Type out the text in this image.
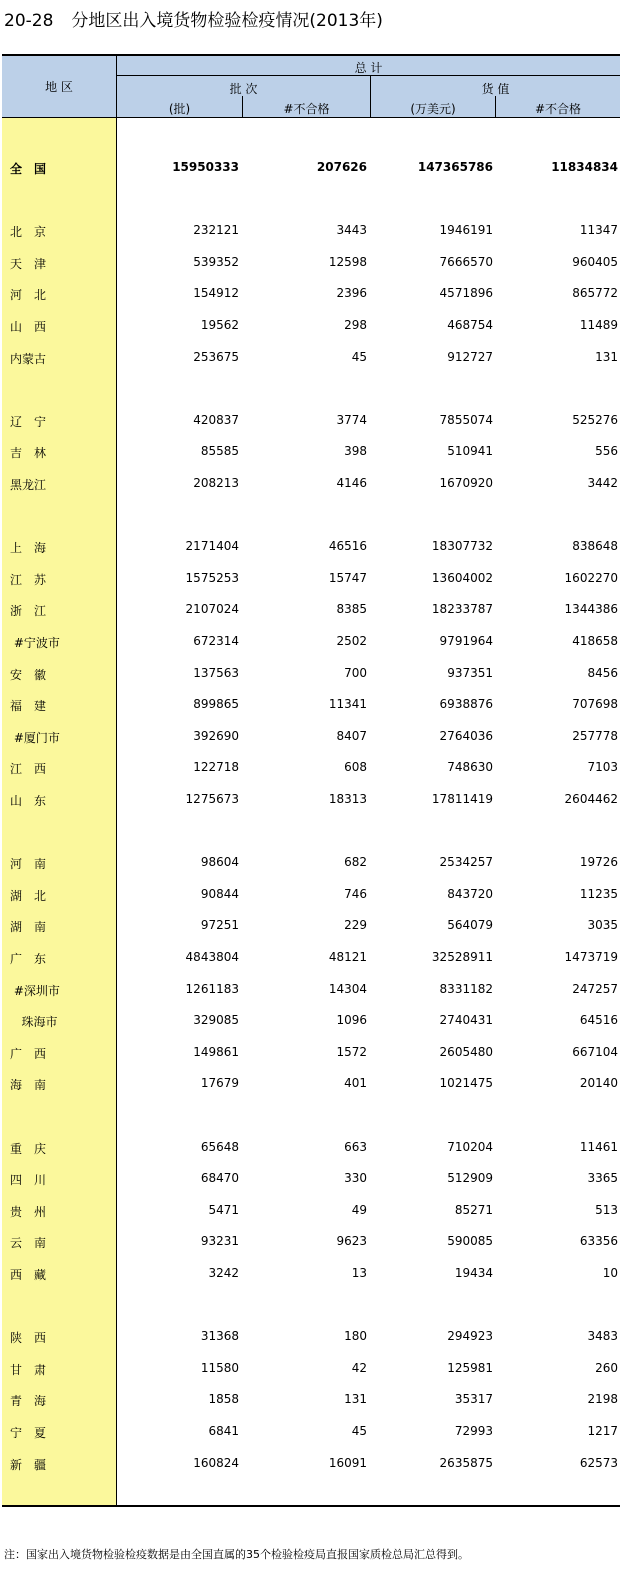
20-28 分地区出入境货物检验检疫情况(2013年)
地 区
总 计
批 次
(批)	#不合格
货 值
(万美元)	#不合格
全　国	15950333	207626	147365786	11834834
北　京	232121	3443	1946191	11347
天　津	539352	12598	7666570	960405
河　北	154912	2396	4571896	865772
山　西	19562	298	468754	11489
内蒙古	253675	45	912727	131
辽　宁	420837	3774	7855074	525276
吉　林	85585	398	510941	556
黑龙江	208213	4146	1670920	3442
上　海	2171404	46516	18307732	838648
江　苏	1575253	15747	13604002	1602270
浙　江	2107024	8385	18233787	1344386
#宁波市	672314	2502	9791964	418658
安　徽	137563	700	937351	8456
福　建	899865	11341	6938876	707698
#厦门市	392690	8407	2764036	257778
江　西	122718	608	748630	7103
山　东	1275673	18313	17811419	2604462
河　南	98604	682	2534257	19726
湖　北	90844	746	843720	11235
湖　南	97251	229	564079	3035
广　东	4843804	48121	32528911	1473719
#深圳市	1261183	14304	8331182	247257
珠海市	329085	1096	2740431	64516
广　西	149861	1572	2605480	667104
海　南	17679	401	1021475	20140
重　庆	65648	663	710204	11461
四　川	68470	330	512909	3365
贵　州	5471	49	85271	513
云　南	93231	9623	590085	63356
西　藏	3242	13	19434	10
陕　西	31368	180	294923	3483
甘　肃	11580	42	125981	260
青　海	1858	131	35317	2198
宁　夏	6841	45	72993	1217
新　疆	160824	16091	2635875	62573
注：国家出入境货物检验检疫数据是由全国直属的35个检验检疫局直报国家质检总局汇总得到。
